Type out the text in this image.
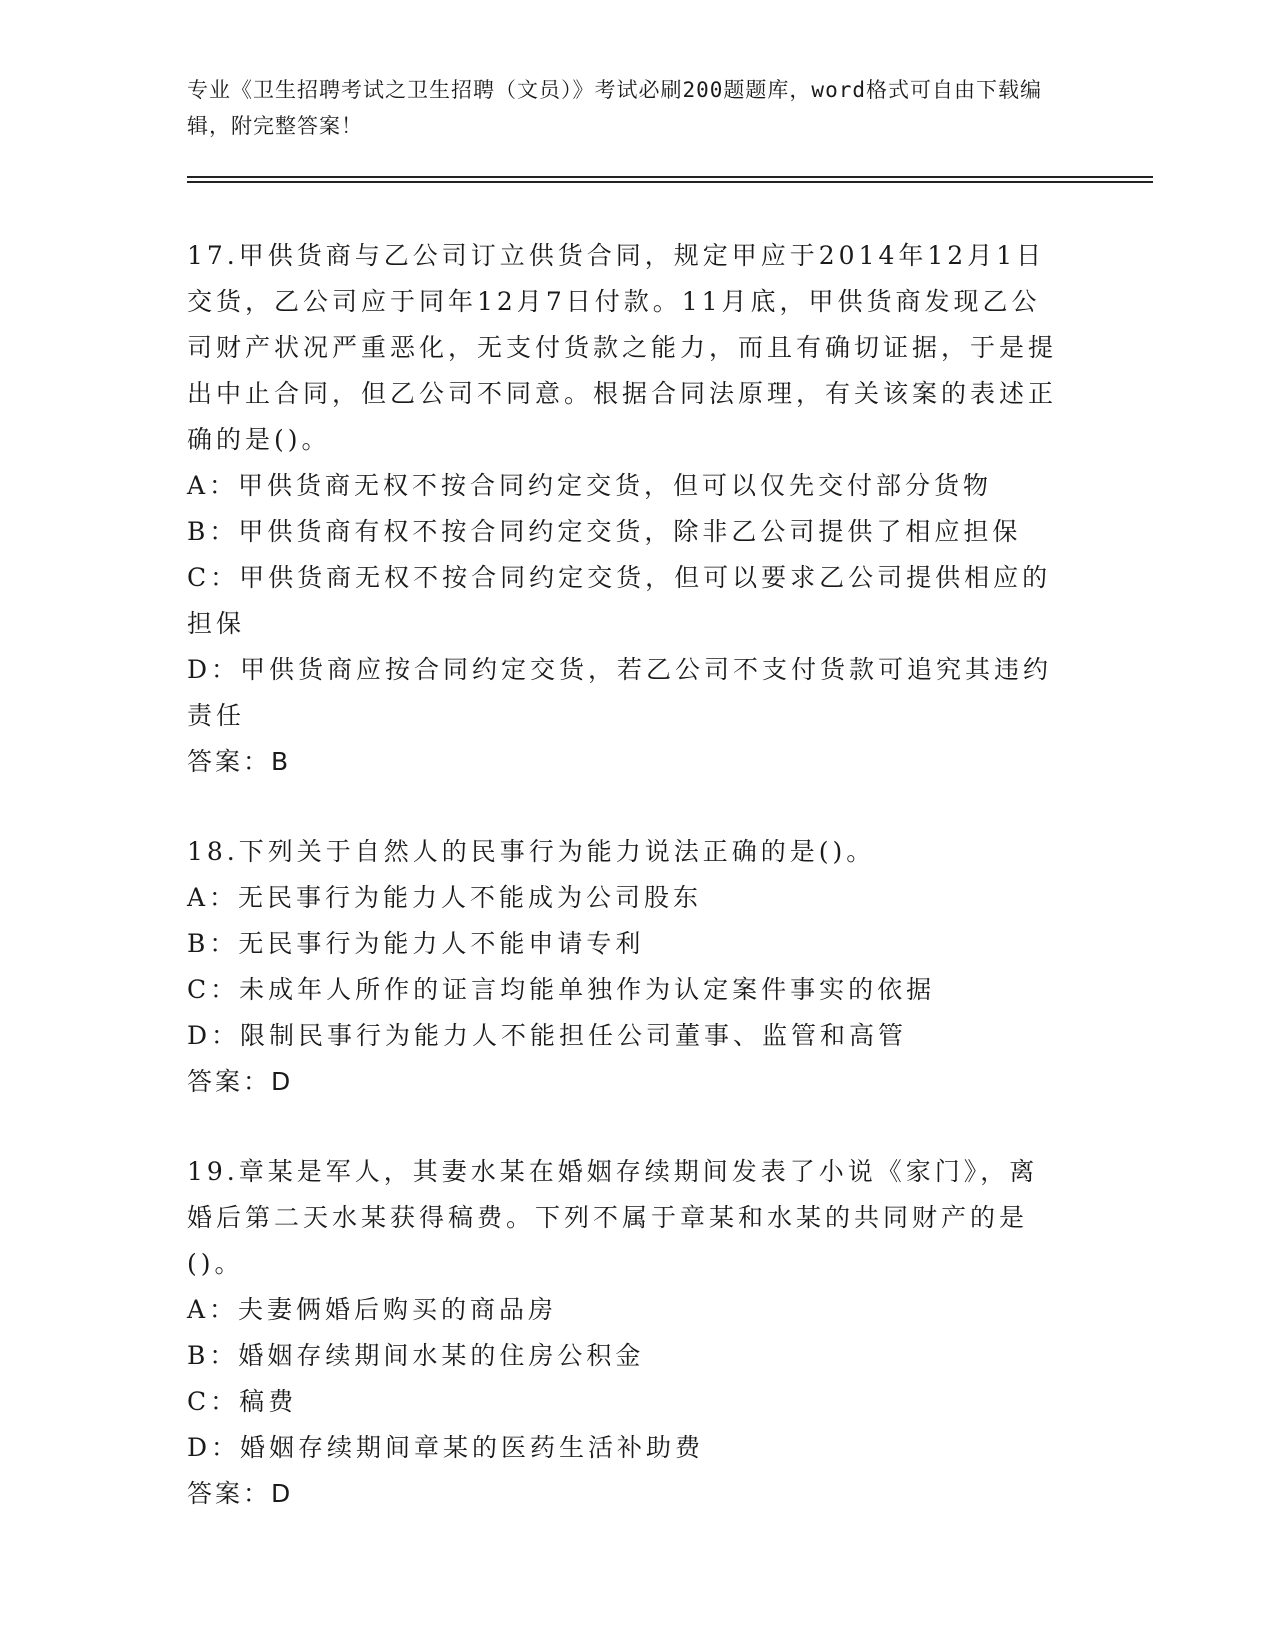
专业《卫生招聘考试之卫生招聘（文员）》考试必刷200题题库，word格式可自由下载编辑，附完整答案！
17.甲供货商与乙公司订立供货合同，规定甲应于2014年12月1日交货，乙公司应于同年12月7日付款。11月底，甲供货商发现乙公司财产状况严重恶化，无支付货款之能力，而且有确切证据，于是提出中止合同，但乙公司不同意。根据合同法原理，有关该案的表述正确的是()。
A：甲供货商无权不按合同约定交货，但可以仅先交付部分货物
B：甲供货商有权不按合同约定交货，除非乙公司提供了相应担保
C：甲供货商无权不按合同约定交货，但可以要求乙公司提供相应的担保
D：甲供货商应按合同约定交货，若乙公司不支付货款可追究其违约责任
答案：B
18.下列关于自然人的民事行为能力说法正确的是()。
A：无民事行为能力人不能成为公司股东
B：无民事行为能力人不能申请专利
C：未成年人所作的证言均能单独作为认定案件事实的依据
D：限制民事行为能力人不能担任公司董事、监管和高管
答案：D
19.章某是军人，其妻水某在婚姻存续期间发表了小说《家门》，离婚后第二天水某获得稿费。下列不属于章某和水某的共同财产的是()。
A：夫妻俩婚后购买的商品房
B：婚姻存续期间水某的住房公积金
C：稿费
D：婚姻存续期间章某的医药生活补助费
答案：D
